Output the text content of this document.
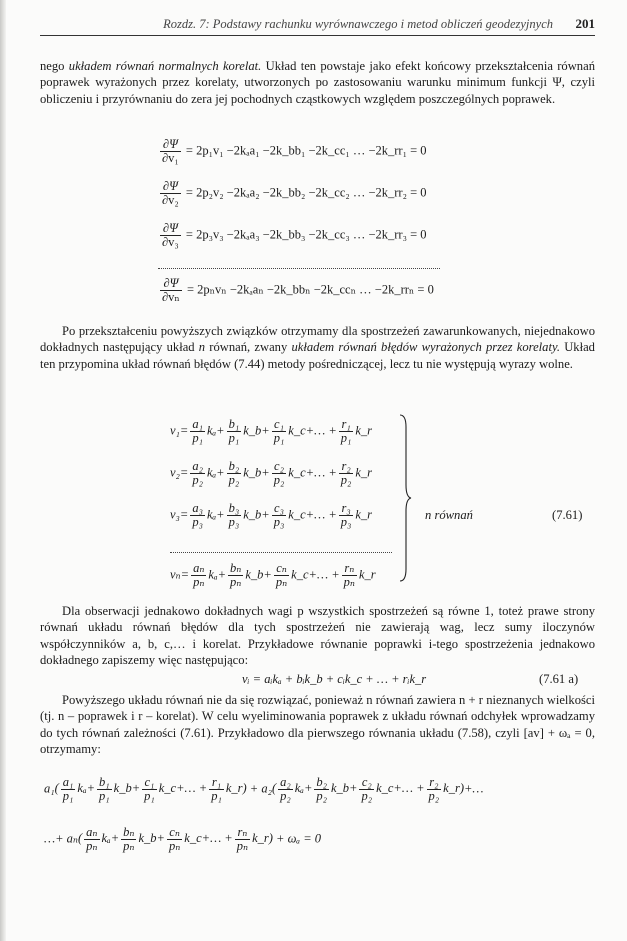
Rozdz. 7: Podstawy rachunku wyrównawczego i metod obliczeń geodezyjnych 201
nego układem równań normalnych korelat. Układ ten powstaje jako efekt końcowy przekształcenia równań poprawek wyrażonych przez korelaty, utworzonych po zastosowaniu warunku minimum funkcji Ψ, czyli obliczeniu i przyrównaniu do zera jej pochodnych cząstkowych względem poszczególnych poprawek.
$\frac{\partial\Psi}{\text{∂v₁}} = 2p_1v_1 -2k_aa_1$ −2k_bb₁ −2k_cc₁ … −2k_rr₁ = 0
$\frac{\partial\Psi}{\text{∂v₂}} = 2p_2v_2 -2k_aa_2$ −2k_bb₂ −2k_cc₂ … −2k_rr₂ = 0
$\frac{\partial\Psi}{\text{∂v₃}} = 2p_3v_3 -2k_aa_3$ −2k_bb₃ −2k_cc₃ … −2k_rr₃ = 0
$\frac{\partial\Psi}{\text{∂vₙ}} = 2p_nv_n -2k_aa_n$ −2k_bbₙ −2k_ccₙ … −2k_rrₙ = 0
Po przekształceniu powyższych związków otrzymamy dla spostrzeżeń zawarunkowanych, niejednakowo dokładnych następujący układ n równań, zwany układem równań błędów wyrażonych przez korelaty. Układ ten przypomina układ równań błędów (7.44) metody pośredniczącej, lecz tu nie występują wyrazy wolne.
$v_1= \frac{\text{a₁}}{\text{p₁}} k_a+ \frac{\text{b₁}}{\text{p₁}}$ k_b+ $\frac{\text{c₁}}{\text{p₁}}$ k_c+… + $\frac{\text{r₁}}{\text{p₁}}$ k_r
$v_2= \frac{\text{a₂}}{\text{p₂}} k_a+ \frac{\text{b₂}}{\text{p₂}}$ k_b+ $\frac{\text{c₂}}{\text{p₂}}$ k_c+… + $\frac{\text{r₂}}{\text{p₂}}$ k_r
$v_3= \frac{\text{a₃}}{\text{p₃}} k_a+ \frac{\text{b₃}}{\text{p₃}}$ k_b+ $\frac{\text{c₃}}{\text{p₃}}$ k_c+… + $\frac{\text{r₃}}{\text{p₃}}$ k_r
$v_n= \frac{\text{aₙ}}{\text{pₙ}} k_a+ \frac{\text{bₙ}}{\text{pₙ}}$ k_b+ $\frac{\text{cₙ}}{\text{pₙ}}$ k_c+… + $\frac{\text{rₙ}}{\text{pₙ}}$ k_r
n równań	(7.61)
Dla obserwacji jednakowo dokładnych wagi p wszystkich spostrzeżeń są równe 1, toteż prawe strony równań układu równań błędów dla tych spostrzeżeń nie zawierają wag, lecz sumy iloczynów współczynników a, b, c,… i korelat. Przykładowe równanie poprawki i-tego spostrzeżenia jednakowo dokładnego zapiszemy więc następująco:
vᵢ = aᵢkₐ + bᵢk_b + cᵢk_c + … + rᵢk_r	(7.61 a)
Powyższego układu równań nie da się rozwiązać, ponieważ n równań zawiera n + r nieznanych wielkości (tj. n – poprawek i r – korelat). W celu wyeliminowania poprawek z układu równań odchyłek wprowadzamy do tych równań zależności (7.61). Przykładowo dla pierwszego równania układu (7.58), czyli [av] + ωₐ = 0, otrzymamy:
$a_1( \frac{\text{a₁}}{\text{p₁}} k_a+ \frac{\text{b₁}}{\text{p₁}}$ k_b+ $\frac{\text{c₁}}{\text{p₁}}$ k_c+… + $\frac{\text{r₁}}{\text{p₁}}$ k_r) + $a_2( \frac{\text{a₂}}{\text{p₂}} k_a+ \frac{\text{b₂}}{\text{p₂}}$ k_b+ $\frac{\text{c₂}}{\text{p₂}}$ k_c+… + $\frac{\text{r₂}}{\text{p₂}}$ k_r)+…
…+ $a_n( \frac{\text{aₙ}}{\text{pₙ}} k_a+ \frac{\text{bₙ}}{\text{pₙ}}$ k_b+ $\frac{\text{cₙ}}{\text{pₙ}}$ k_c+… + $\frac{\text{rₙ}}{\text{pₙ}}$ k_r) + ωₐ = 0
